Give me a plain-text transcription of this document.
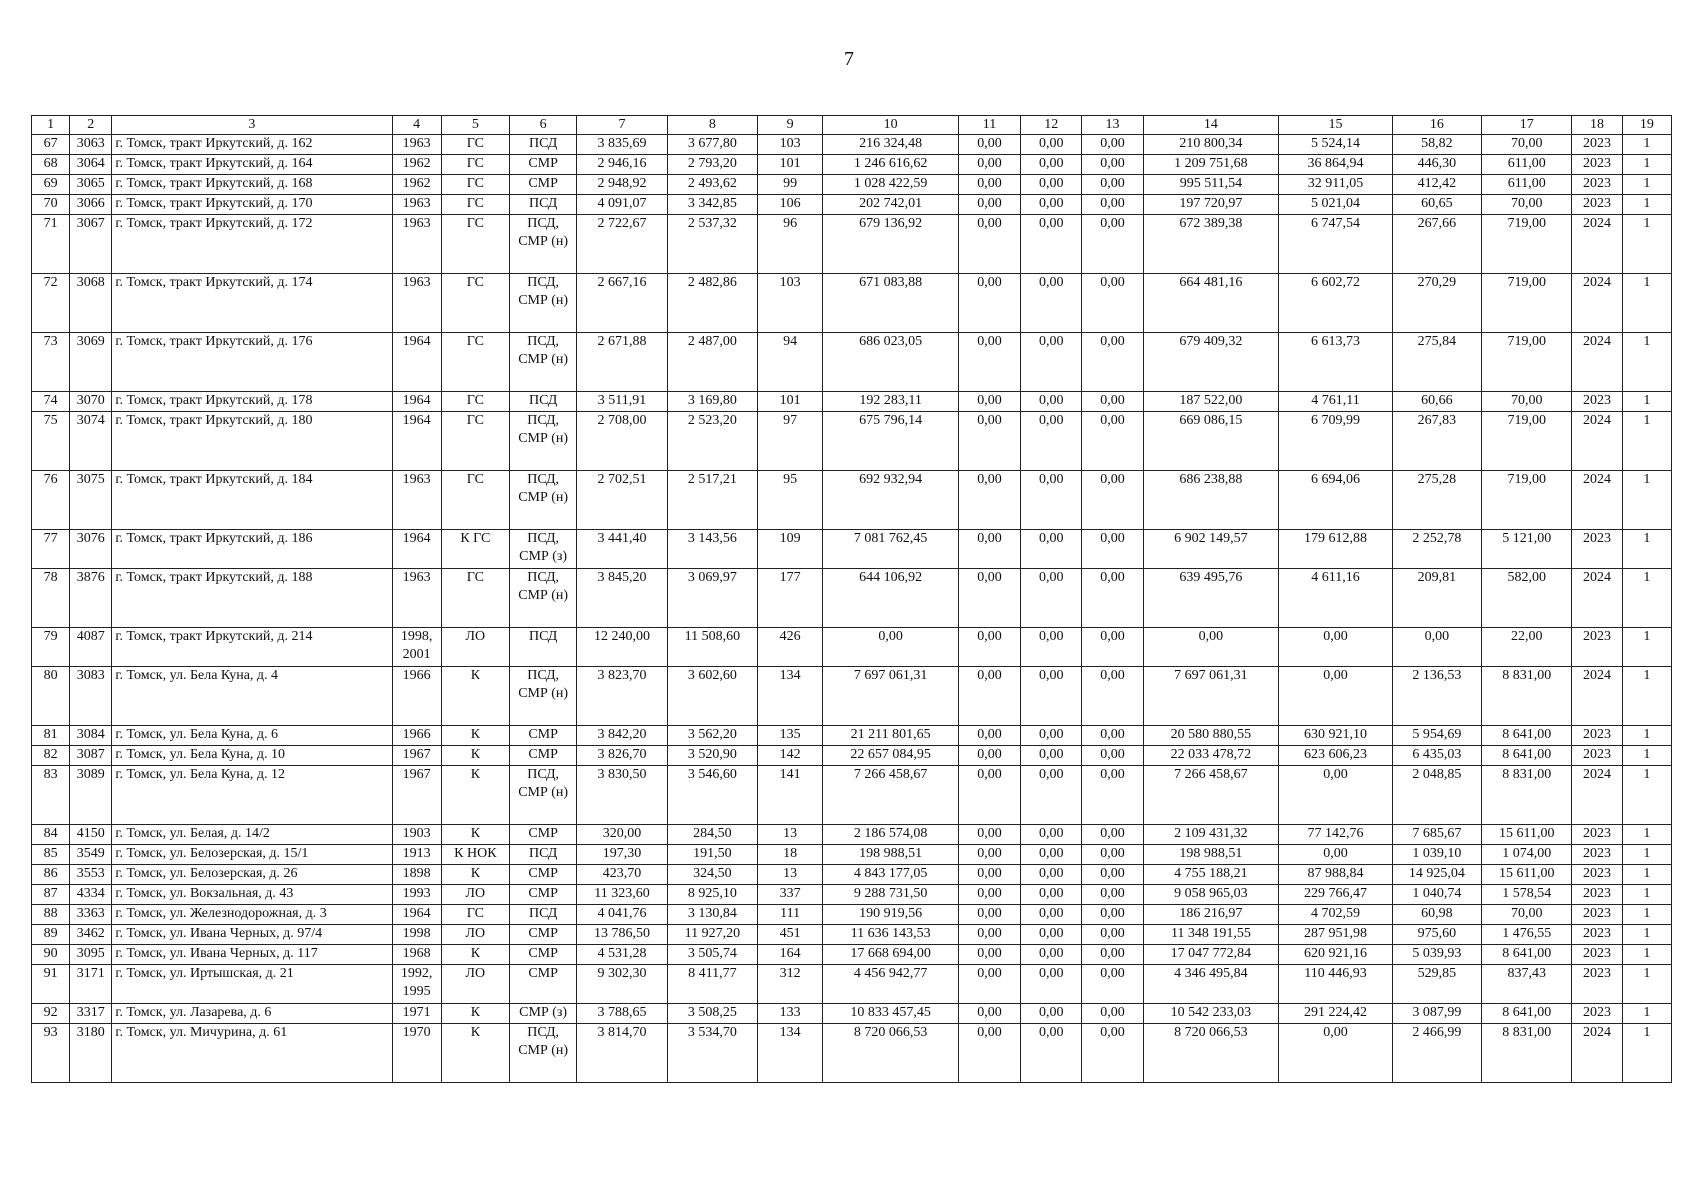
7
1	2	3	4	5	6	7	8	9	10	11	12	13	14	15	16	17	18	19
67	3063	г. Томск, тракт Иркутский, д. 162	1963	ГС	ПСД	3 835,69	3 677,80	103	216 324,48	0,00	0,00	0,00	210 800,34	5 524,14	58,82	70,00	2023	1
68	3064	г. Томск, тракт Иркутский, д. 164	1962	ГС	СМР	2 946,16	2 793,20	101	1 246 616,62	0,00	0,00	0,00	1 209 751,68	36 864,94	446,30	611,00	2023	1
69	3065	г. Томск, тракт Иркутский, д. 168	1962	ГС	СМР	2 948,92	2 493,62	99	1 028 422,59	0,00	0,00	0,00	995 511,54	32 911,05	412,42	611,00	2023	1
70	3066	г. Томск, тракт Иркутский, д. 170	1963	ГС	ПСД	4 091,07	3 342,85	106	202 742,01	0,00	0,00	0,00	197 720,97	5 021,04	60,65	70,00	2023	1
71	3067	г. Томск, тракт Иркутский, д. 172	1963	ГС	ПСД, СМР (н)	2 722,67	2 537,32	96	679 136,92	0,00	0,00	0,00	672 389,38	6 747,54	267,66	719,00	2024	1
72	3068	г. Томск, тракт Иркутский, д. 174	1963	ГС	ПСД, СМР (н)	2 667,16	2 482,86	103	671 083,88	0,00	0,00	0,00	664 481,16	6 602,72	270,29	719,00	2024	1
73	3069	г. Томск, тракт Иркутский, д. 176	1964	ГС	ПСД, СМР (н)	2 671,88	2 487,00	94	686 023,05	0,00	0,00	0,00	679 409,32	6 613,73	275,84	719,00	2024	1
74	3070	г. Томск, тракт Иркутский, д. 178	1964	ГС	ПСД	3 511,91	3 169,80	101	192 283,11	0,00	0,00	0,00	187 522,00	4 761,11	60,66	70,00	2023	1
75	3074	г. Томск, тракт Иркутский, д. 180	1964	ГС	ПСД, СМР (н)	2 708,00	2 523,20	97	675 796,14	0,00	0,00	0,00	669 086,15	6 709,99	267,83	719,00	2024	1
76	3075	г. Томск, тракт Иркутский, д. 184	1963	ГС	ПСД, СМР (н)	2 702,51	2 517,21	95	692 932,94	0,00	0,00	0,00	686 238,88	6 694,06	275,28	719,00	2024	1
77	3076	г. Томск, тракт Иркутский, д. 186	1964	К ГС	ПСД, СМР (з)	3 441,40	3 143,56	109	7 081 762,45	0,00	0,00	0,00	6 902 149,57	179 612,88	2 252,78	5 121,00	2023	1
78	3876	г. Томск, тракт Иркутский, д. 188	1963	ГС	ПСД, СМР (н)	3 845,20	3 069,97	177	644 106,92	0,00	0,00	0,00	639 495,76	4 611,16	209,81	582,00	2024	1
79	4087	г. Томск, тракт Иркутский, д. 214	1998, 2001	ЛО	ПСД	12 240,00	11 508,60	426	0,00	0,00	0,00	0,00	0,00	0,00	0,00	22,00	2023	1
80	3083	г. Томск, ул. Бела Куна, д. 4	1966	К	ПСД, СМР (н)	3 823,70	3 602,60	134	7 697 061,31	0,00	0,00	0,00	7 697 061,31	0,00	2 136,53	8 831,00	2024	1
81	3084	г. Томск, ул. Бела Куна, д. 6	1966	К	СМР	3 842,20	3 562,20	135	21 211 801,65	0,00	0,00	0,00	20 580 880,55	630 921,10	5 954,69	8 641,00	2023	1
82	3087	г. Томск, ул. Бела Куна, д. 10	1967	К	СМР	3 826,70	3 520,90	142	22 657 084,95	0,00	0,00	0,00	22 033 478,72	623 606,23	6 435,03	8 641,00	2023	1
83	3089	г. Томск, ул. Бела Куна, д. 12	1967	К	ПСД, СМР (н)	3 830,50	3 546,60	141	7 266 458,67	0,00	0,00	0,00	7 266 458,67	0,00	2 048,85	8 831,00	2024	1
84	4150	г. Томск, ул. Белая, д. 14/2	1903	К	СМР	320,00	284,50	13	2 186 574,08	0,00	0,00	0,00	2 109 431,32	77 142,76	7 685,67	15 611,00	2023	1
85	3549	г. Томск, ул. Белозерская, д. 15/1	1913	К НОК	ПСД	197,30	191,50	18	198 988,51	0,00	0,00	0,00	198 988,51	0,00	1 039,10	1 074,00	2023	1
86	3553	г. Томск, ул. Белозерская, д. 26	1898	К	СМР	423,70	324,50	13	4 843 177,05	0,00	0,00	0,00	4 755 188,21	87 988,84	14 925,04	15 611,00	2023	1
87	4334	г. Томск, ул. Вокзальная, д. 43	1993	ЛО	СМР	11 323,60	8 925,10	337	9 288 731,50	0,00	0,00	0,00	9 058 965,03	229 766,47	1 040,74	1 578,54	2023	1
88	3363	г. Томск, ул. Железнодорожная, д. 3	1964	ГС	ПСД	4 041,76	3 130,84	111	190 919,56	0,00	0,00	0,00	186 216,97	4 702,59	60,98	70,00	2023	1
89	3462	г. Томск, ул. Ивана Черных, д. 97/4	1998	ЛО	СМР	13 786,50	11 927,20	451	11 636 143,53	0,00	0,00	0,00	11 348 191,55	287 951,98	975,60	1 476,55	2023	1
90	3095	г. Томск, ул. Ивана Черных, д. 117	1968	К	СМР	4 531,28	3 505,74	164	17 668 694,00	0,00	0,00	0,00	17 047 772,84	620 921,16	5 039,93	8 641,00	2023	1
91	3171	г. Томск, ул. Иртышская, д. 21	1992, 1995	ЛО	СМР	9 302,30	8 411,77	312	4 456 942,77	0,00	0,00	0,00	4 346 495,84	110 446,93	529,85	837,43	2023	1
92	3317	г. Томск, ул. Лазарева, д. 6	1971	К	СМР (з)	3 788,65	3 508,25	133	10 833 457,45	0,00	0,00	0,00	10 542 233,03	291 224,42	3 087,99	8 641,00	2023	1
93	3180	г. Томск, ул. Мичурина, д. 61	1970	К	ПСД, СМР (н)	3 814,70	3 534,70	134	8 720 066,53	0,00	0,00	0,00	8 720 066,53	0,00	2 466,99	8 831,00	2024	1
